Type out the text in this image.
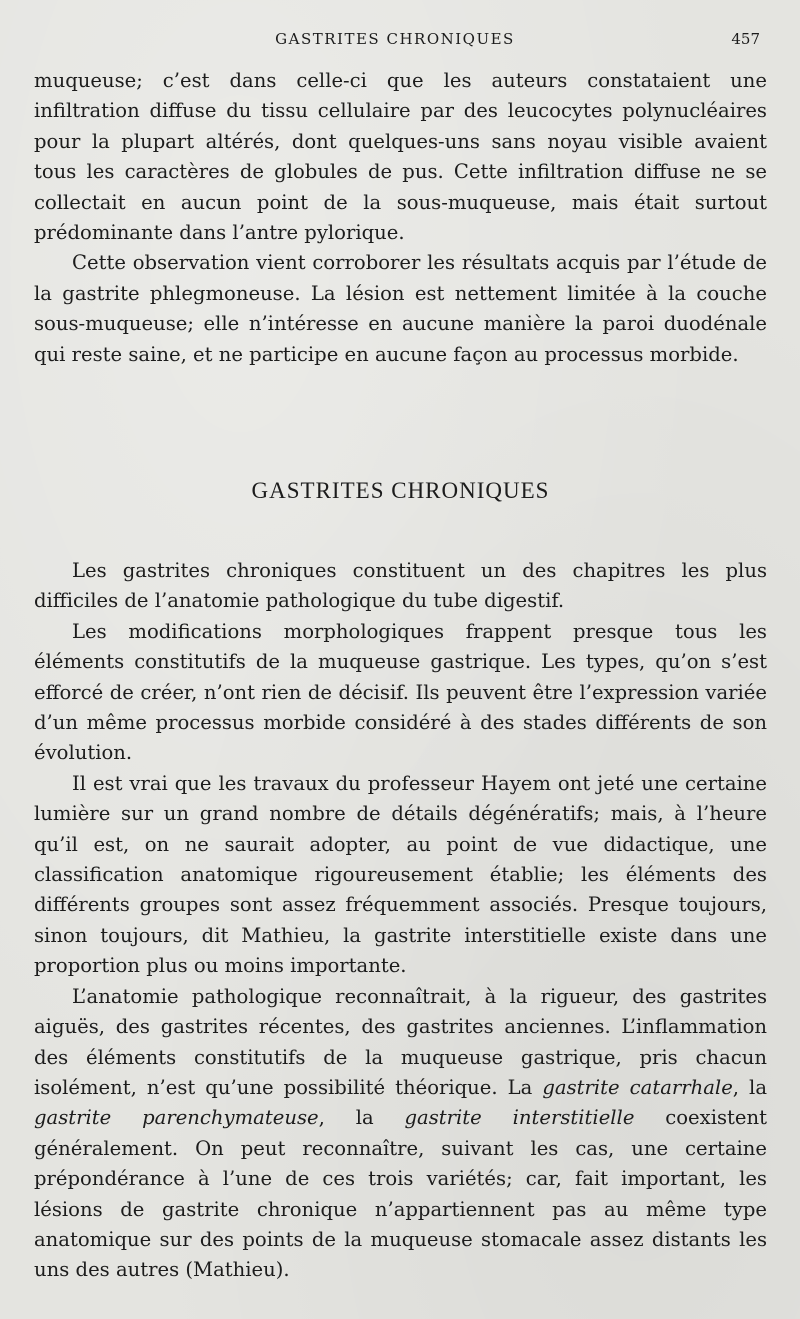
GASTRITES CHRONIQUES	457

muqueuse; c’est dans celle-ci que les auteurs constataient une infiltration diffuse du tissu cellulaire par des leucocytes polynucléaires pour la plupart altérés, dont quelques-uns sans noyau visible avaient tous les caractères de globules de pus. Cette infiltration diffuse ne se collectait en aucun point de la sous-muqueuse, mais était surtout prédominante dans l’antre pylorique.

Cette observation vient corroborer les résultats acquis par l’étude de la gastrite phlegmoneuse. La lésion est nettement limitée à la couche sous-muqueuse; elle n’intéresse en aucune manière la paroi duodénale qui reste saine, et ne participe en aucune façon au processus morbide.

GASTRITES CHRONIQUES

Les gastrites chroniques constituent un des chapitres les plus difficiles de l’anatomie pathologique du tube digestif.

Les modifications morphologiques frappent presque tous les éléments constitutifs de la muqueuse gastrique. Les types, qu’on s’est efforcé de créer, n’ont rien de décisif. Ils peuvent être l’expression variée d’un même processus morbide considéré à des stades différents de son évolution.

Il est vrai que les travaux du professeur Hayem ont jeté une certaine lumière sur un grand nombre de détails dégénératifs; mais, à l’heure qu’il est, on ne saurait adopter, au point de vue didactique, une classification anatomique rigoureusement établie; les éléments des différents groupes sont assez fréquemment associés. Presque toujours, sinon toujours, dit Mathieu, la gastrite interstitielle existe dans une proportion plus ou moins importante.

L’anatomie pathologique reconnaîtrait, à la rigueur, des gastrites aiguës, des gastrites récentes, des gastrites anciennes. L’inflammation des éléments constitutifs de la muqueuse gastrique, pris chacun isolément, n’est qu’une possibilité théorique. La gastrite catarrhale, la gastrite parenchymateuse, la gastrite interstitielle coexistent généralement. On peut reconnaître, suivant les cas, une certaine prépondérance à l’une de ces trois variétés; car, fait important, les lésions de gastrite chronique n’appartiennent pas au même type anatomique sur des points de la muqueuse stomacale assez distants les uns des autres (Mathieu).
